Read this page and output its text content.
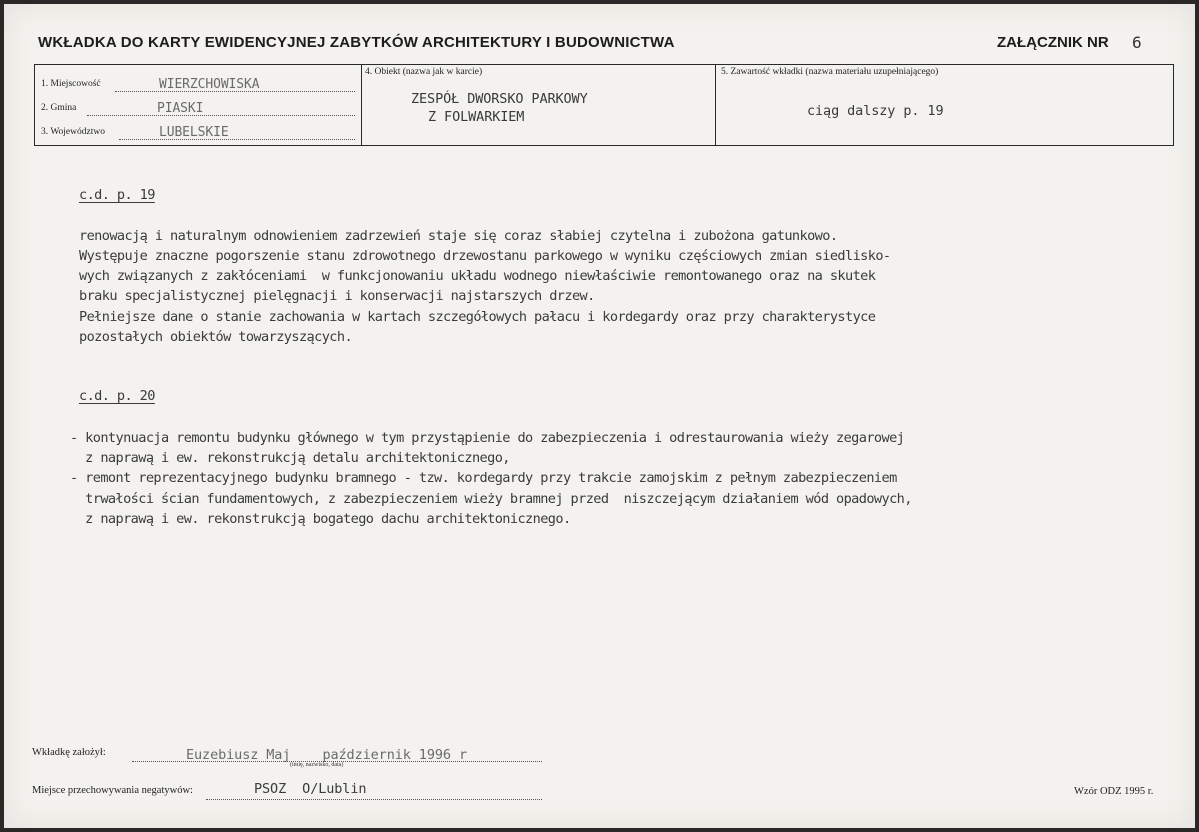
WKŁADKA DO KARTY EWIDENCYJNEJ ZABYTKÓW ARCHITEKTURY I BUDOWNICTWA	ZAŁĄCZNIK NR 6
1. Miejscowość	WIERZCHOWISKA
2. Gmina	PIASKI
3. Województwo	LUBELSKIE
4. Obiekt (nazwa jak w karcie)
ZESPÓŁ DWORSKO PARKOWY
Z FOLWARKIEM
5. Zawartość wkładki (nazwa materiału uzupełniającego)
ciąg dalszy p. 19
c.d. p. 19
renowacją i naturalnym odnowieniem zadrzewień staje się coraz słabiej czytelna i zubożona gatunkowo.
Występuje znaczne pogorszenie stanu zdrowotnego drzewostanu parkowego w wyniku częściowych zmian siedlisko-
wych związanych z zakłóceniami  w funkcjonowaniu układu wodnego niewłaściwie remontowanego oraz na skutek
braku specjalistycznej pielęgnacji i konserwacji najstarszych drzew.
Pełniejsze dane o stanie zachowania w kartach szczegółowych pałacu i kordegardy oraz przy charakterystyce
pozostałych obiektów towarzyszących.
c.d. p. 20
- kontynuacja remontu budynku głównego w tym przystąpienie do zabezpieczenia i odrestaurowania wieży zegarowej
z naprawą i ew. rekonstrukcją detalu architektonicznego,
- remont reprezentacyjnego budynku bramnego - tzw. kordegardy przy trakcie zamojskim z pełnym zabezpieczeniem
trwałości ścian fundamentowych, z zabezpieczeniem wieży bramnej przed  niszczejącym działaniem wód opadowych,
z naprawą i ew. rekonstrukcją bogatego dachu architektonicznego.
Wkładkę założył:	Euzebiusz Maj    październik 1996 r
(imię, nazwisko, data)
Miejsce przechowywania negatywów:	PSOZ  O/Lublin	Wzór ODZ 1995 r.
